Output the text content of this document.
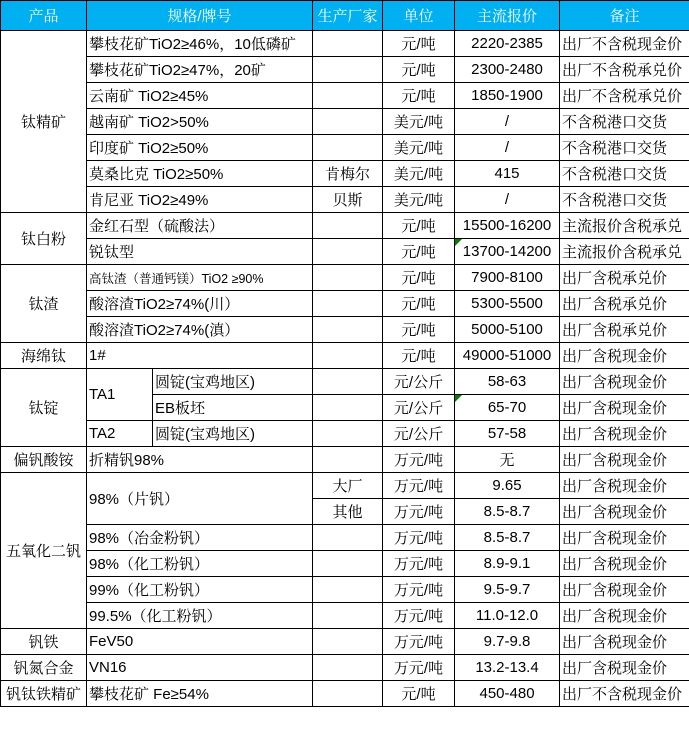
产品	规格/牌号		生产厂家	单位	主流报价	备注
钛精矿	攀枝花矿TiO2≥46%，10低磷矿			元/吨	2220-2385	出厂不含税现金价
	攀枝花矿TiO2≥47%，20矿			元/吨	2300-2480	出厂不含税承兑价
	云南矿 TiO2≥45%			元/吨	1850-1900	出厂不含税承兑价
	越南矿 TiO2>50%			美元/吨	/	不含税港口交货
	印度矿 TiO2≥50%			美元/吨	/	不含税港口交货
	莫桑比克 TiO2≥50%		肯梅尔	美元/吨	415	不含税港口交货
	肯尼亚 TiO2≥49%		贝斯	美元/吨	/	不含税港口交货
钛白粉	金红石型（硫酸法）			元/吨	15500-16200	主流报价含税承兑
	锐钛型			元/吨	13700-14200	主流报价含税承兑
钛渣	高钛渣（普通钙镁）TiO2 ≥90%			元/吨	7900-8100	出厂含税承兑价
	酸溶渣TiO2≥74%(川）			元/吨	5300-5500	出厂含税承兑价
	酸溶渣TiO2≥74%(滇）			元/吨	5000-5100	出厂含税承兑价
海绵钛	1#			元/吨	49000-51000	出厂含税现金价
钛锭	TA1	圆锭(宝鸡地区)		元/公斤	58-63	出厂含税现金价
		EB板坯		元/公斤	65-70	出厂含税现金价
	TA2	圆锭(宝鸡地区)		元/公斤	57-58	出厂含税现金价
偏钒酸铵	折精钒98%			万元/吨	无	出厂含税现金价
五氧化二钒	98%（片钒）		大厂	万元/吨	9.65	出厂含税现金价
			其他	万元/吨	8.5-8.7	出厂含税现金价
	98%（冶金粉钒）			万元/吨	8.5-8.7	出厂含税现金价
	98%（化工粉钒）			万元/吨	8.9-9.1	出厂含税现金价
	99%（化工粉钒）			万元/吨	9.5-9.7	出厂含税现金价
	99.5%（化工粉钒）			万元/吨	11.0-12.0	出厂含税现金价
钒铁	FeV50			万元/吨	9.7-9.8	出厂含税现金价
钒氮合金	VN16			万元/吨	13.2-13.4	出厂含税现金价
钒钛铁精矿	攀枝花矿 Fe≥54%			元/吨	450-480	出厂不含税现金价
